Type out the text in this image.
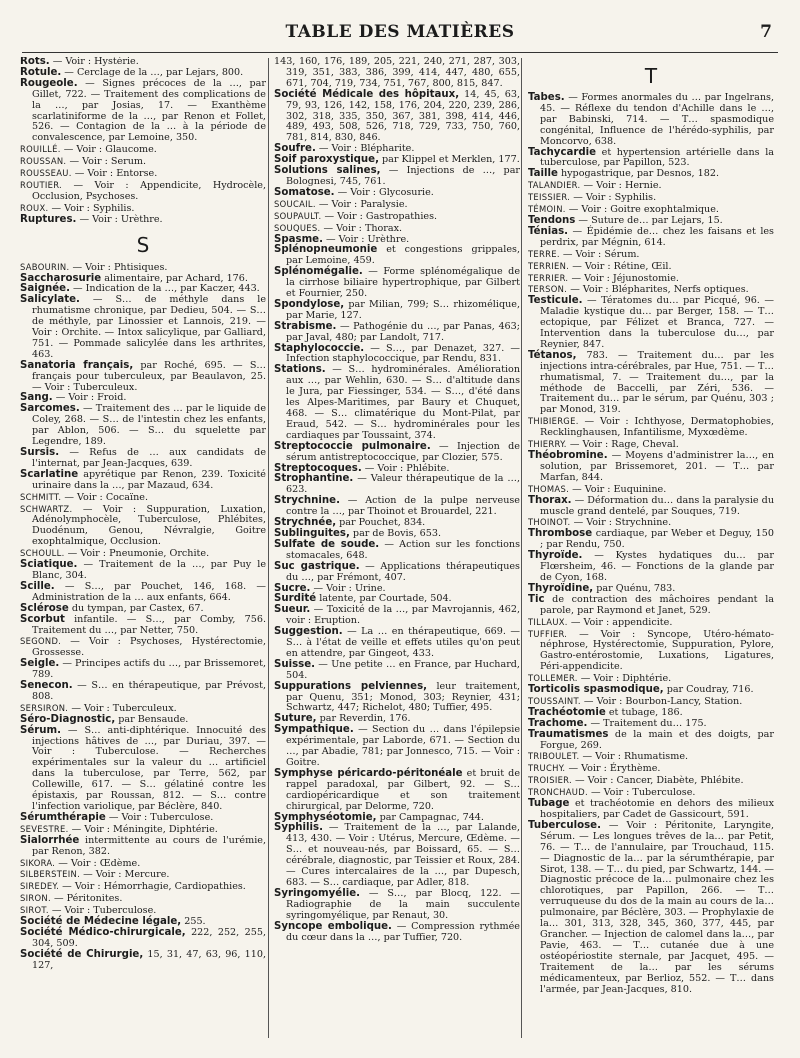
TABLE DES MATIÈRES	7
Rots. — Voir : Hystérie.
Rotule. — Cerclage de la …, par Lejars, 800.
Rougeole. — Signes précoces de la …, par Gillet, 722. — Traitement des complications de la …, par Josias, 17. — Exanthème scarlatiniforme de la …, par Renon et Follet, 526. — Contagion de la … à la période de convalescence, par Lemoine, 350.
ROUILLÉ. — Voir : Glaucome.
ROUSSAN. — Voir : Serum.
ROUSSEAU. — Voir : Entorse.
ROUTIER. — Voir : Appendicite, Hydrocèle, Occlusion, Psychoses.
ROUX. — Voir : Syphilis.
Ruptures. — Voir : Urèthre.
S
SABOURIN. — Voir : Phtisiques.
Saccharosurie alimentaire, par Achard, 176.
Saignée. — Indication de la …, par Kaczer, 443.
Salicylate. — S… de méthyle dans le rhumatisme chronique, par Dedieu, 504. — S… de méthyle, par Linossier et Lannois, 219. — Voir : Orchite. — Intox salicylique, par Galliard, 751. — Pommade salicylée dans les arthrites, 463.
Sanatoria français, par Roché, 695. — S… français pour tuberculeux, par Beaulavon, 25. — Voir : Tuberculeux.
Sang. — Voir : Froid.
Sarcomes. — Traitement des … par le liquide de Coley, 268. — S… de l'intestin chez les enfants, par Ablon, 506. — S… du squelette par Legendre, 189.
Sursis. — Refus de … aux candidats de l'internat, par Jean-Jacques, 639.
Scarlatine apyrétique par Renon, 239. Toxicité urinaire dans la …, par Mazaud, 634.
SCHMITT. — Voir : Cocaïne.
SCHWARTZ. — Voir : Suppuration, Luxation, Adénolymphocèle, Tuberculose, Phlébites, Duodénum, Genou, Névralgie, Goitre exophtalmique, Occlusion.
SCHOULL. — Voir : Pneumonie, Orchite.
Sciatique. — Traitement de la …, par Puy le Blanc, 304.
Scille. — S…, par Pouchet, 146, 168. — Administration de la … aux enfants, 664.
Sclérose du tympan, par Castex, 67.
Scorbut infantile. — S…, par Comby, 756. Traitement du …, par Netter, 750.
SEGOND. — Voir : Psychoses, Hystérectomie, Grossesse.
Seigle. — Principes actifs du …, par Brissemoret, 789.
Senecon. — S… en thérapeutique, par Prévost, 808.
SERSIRON. — Voir : Tuberculeux.
Séro-Diagnostic, par Bensaude.
Sérum. — S… anti-diphtérique. Innocuité des injections hâtives de …, par Duriau, 397. — Voir : Tuberculose. — Recherches expérimentales sur la valeur du … artificiel dans la tuberculose, par Terre, 562, par Collewille, 617. — S… gélatiné contre les épistaxis, par Roussan, 812. — S… contre l'infection variolique, par Béclère, 840.
Sérumthérapie — Voir : Tuberculose.
SEVESTRE. — Voir : Méningite, Diphtérie.
Sialorrhée intermittente au cours de l'urémie, par Renon, 382.
SIKORA. — Voir : Œdème.
SILBERSTEIN. — Voir : Mercure.
SIREDEY. — Voir : Hémorrhagie, Cardiopathies.
SIRON. — Péritonites.
SIROT. — Voir : Tuberculose.
Société de Médecine légale, 255.
Société Médico-chirurgicale, 222, 252, 255, 304, 509.
Société de Chirurgie, 15, 31, 47, 63, 96, 110, 127,
143, 160, 176, 189, 205, 221, 240, 271, 287, 303, 319, 351, 383, 386, 399, 414, 447, 480, 655, 671, 704, 719, 734, 751, 767, 800, 815, 847.
Société Médicale des hôpitaux, 14, 45, 63, 79, 93, 126, 142, 158, 176, 204, 220, 239, 286, 302, 318, 335, 350, 367, 381, 398, 414, 446, 489, 493, 508, 526, 718, 729, 733, 750, 760, 781, 814, 830, 846.
Soufre. — Voir : Blépharite.
Soif paroxystique, par Klippel et Merklen, 177.
Solutions salines, — Injections de …, par Bolognesi, 745, 761.
Somatose. — Voir : Glycosurie.
SOUCAIL. — Voir : Paralysie.
SOUPAULT. — Voir : Gastropathies.
SOUQUES. — Voir : Thorax.
Spasme. — Voir : Urèthre.
Splénopneumonie et congestions grippales, par Lemoine, 459.
Splénomégalie. — Forme splénomégalique de la cirrhose biliaire hypertrophique, par Gilbert et Fournier, 250.
Spondylose, par Milian, 799; S… rhizomélique, par Marie, 127.
Strabisme. — Pathogénie du …, par Panas, 463; par Javal, 480; par Landolt, 717.
Staphylococcie. — S…, par Denazet, 327. — Infection staphylococcique, par Rendu, 831.
Stations. — S… hydrominérales. Amélioration aux …, par Wehlin, 630. — S… d'altitude dans le Jura, par Fiessinger, 534. — S…, d'été dans les Alpes-Maritimes, par Baury et Chuquet, 468. — S… climatérique du Mont-Pilat, par Eraud, 542. — S… hydrominérales pour les cardiaques par Toussaint, 374.
Streptococcie pulmonaire. — Injection de sérum antistreptococcique, par Clozier, 575.
Streptocoques. — Voir : Phlébite.
Strophantine. — Valeur thérapeutique de la …, 623.
Strychnine. — Action de la pulpe nerveuse contre la …, par Thoinot et Brouardel, 221.
Strychnée, par Pouchet, 834.
Sublinguites, par de Bovis, 653.
Sulfate de soude. — Action sur les fonctions stomacales, 648.
Suc gastrique. — Applications thérapeutiques du …, par Frémont, 407.
Sucre. — Voir : Urine.
Surdité latente, par Courtade, 504.
Sueur. — Toxicité de la …, par Mavrojannis, 462, voir : Eruption.
Suggestion. — La … en thérapeutique, 669. — S… à l'état de veille et effets utiles qu'on peut en attendre, par Gingeot, 433.
Suisse. — Une petite … en France, par Huchard, 504.
Suppurations pelviennes, leur traitement, par Quenu, 351; Monod, 303; Reynier, 431; Schwartz, 447; Richelot, 480; Tuffier, 495.
Suture, par Reverdin, 176.
Sympathique. — Section du … dans l'épilepsie expérimentale, par Laborde, 671. — Section du …, par Abadie, 781; par Jonnesco, 715. — Voir : Goitre.
Symphyse péricardo-péritonéale et bruit de rappel paradoxal, par Gilbert, 92. — S… cardiopéricardique et son traitement chirurgical, par Delorme, 720.
Symphyséotomie, par Campagnac, 744.
Syphilis. — Traitement de la …, par Lalande, 413, 430. — Voir : Utérus, Mercure, Œdème. — S… et nouveau-nés, par Boissard, 65. — S… cérébrale, diagnostic, par Teissier et Roux, 284. — Cures intercalaires de la …, par Dupesch, 683. — S… cardiaque, par Adler, 818.
Syringomyélie. — S…, par Blocq, 122. — Radiographie de la main succulente syringomyélique, par Renaut, 30.
Syncope embolique. — Compression rythmée du cœur dans la …, par Tuffier, 720.
T
Tabes. — Formes anormales du … par Ingelrans, 45. — Réflexe du tendon d'Achille dans le …, par Babinski, 714. — T… spasmodique congénital, Influence de l'hérédo-syphilis, par Moncorvo, 638.
Tachycardie et hypertension artérielle dans la tuberculose, par Papillon, 523.
Taille hypogastrique, par Desnos, 182.
TALANDIER. — Voir : Hernie.
TEISSIER. — Voir : Syphilis.
TÉMOIN. — Voir : Goitre exophtalmique.
Tendons — Suture de… par Lejars, 15.
Ténias. — Épidémie de… chez les faisans et les perdrix, par Mégnin, 614.
TERRE. — Voir : Sérum.
TERRIEN. — Voir : Rétine, Œil.
TERRIER. — Voir : Jéjunostomie.
TERSON. — Voir : Blépharites, Nerfs optiques.
Testicule. — Tératomes du… par Picqué, 96. — Maladie kystique du… par Berger, 158. — T… ectopique, par Félizet et Branca, 727. — Intervention dans la tuberculose du…, par Reynier, 847.
Tétanos, 783. — Traitement du… par les injections intra-cérébrales, par Hue, 751. — T… rhumatismal, 7. — Traitement du…, par la méthode de Baccelli, par Zéri, 536. — Traitement du… par le sérum, par Quénu, 303 ; par Monod, 319.
THIBIERGE. — Voir : Ichthyose, Dermatophobies, Recklinghausen, Infantilisme, Myxœdème.
THIERRY. — Voir : Rage, Cheval.
Théobromine. — Moyens d'administrer la…, en solution, par Brissemoret, 201. — T… par Marfan, 844.
THOMAS. — Voir : Euquinine.
Thorax. — Déformation du… dans la paralysie du muscle grand dentelé, par Souques, 719.
THOINOT. — Voir : Strychnine.
Thrombose cardiaque, par Weber et Deguy, 150 ; par Rendu, 750.
Thyroïde. — Kystes hydatiques du… par Flœrsheim, 46. — Fonctions de la glande par de Cyon, 168.
Thyroïdine, par Quénu, 783.
Tic de contraction des mâchoires pendant la parole, par Raymond et Janet, 529.
TILLAUX. — Voir : appendicite.
TUFFIER. — Voir : Syncope, Utéro-hémato-néphrose, Hystérectomie, Suppuration, Pylore, Gastro-entérostomie, Luxations, Ligatures, Péri-appendicite.
TOLLEMER. — Voir : Diphtérie.
Torticolis spasmodique, par Coudray, 716.
TOUSSAINT. — Voir : Bourbon-Lancy, Station.
Trachéotomie et tubage, 186.
Trachome. — Traitement du… 175.
Traumatismes de la main et des doigts, par Forgue, 269.
TRIBOULET. — Voir : Rhumatisme.
TRUCHY. — Voir : Érythème.
TROISIER. — Voir : Cancer, Diabète, Phlébite.
TRONCHAUD. — Voir : Tuberculose.
Tubage et trachéotomie en dehors des milieux hospitaliers, par Cadet de Gassicourt, 591.
Tuberculose. — Voir : Péritonite, Laryngite, Sérum. — Les longues trêves de la… par Petit, 76. — T… de l'annulaire, par Trouchaud, 115. — Diagnostic de la… par la sérumthérapie, par Sirot, 138. — T… du pied, par Schwartz, 144. — Diagnostic précoce de la… pulmonaire chez les chlorotiques, par Papillon, 266. — T… verruqueuse du dos de la main au cours de la… pulmonaire, par Béclère, 303. — Prophylaxie de la… 301, 313, 328, 345, 360, 377, 445, par Grancher. — Injection de calomel dans la…, par Pavie, 463. — T… cutanée due à une ostéopériostite sternale, par Jacquet, 495. — Traitement de la… par les sérums médicamenteux, par Berlioz, 552. — T… dans l'armée, par Jean-Jacques, 810.
